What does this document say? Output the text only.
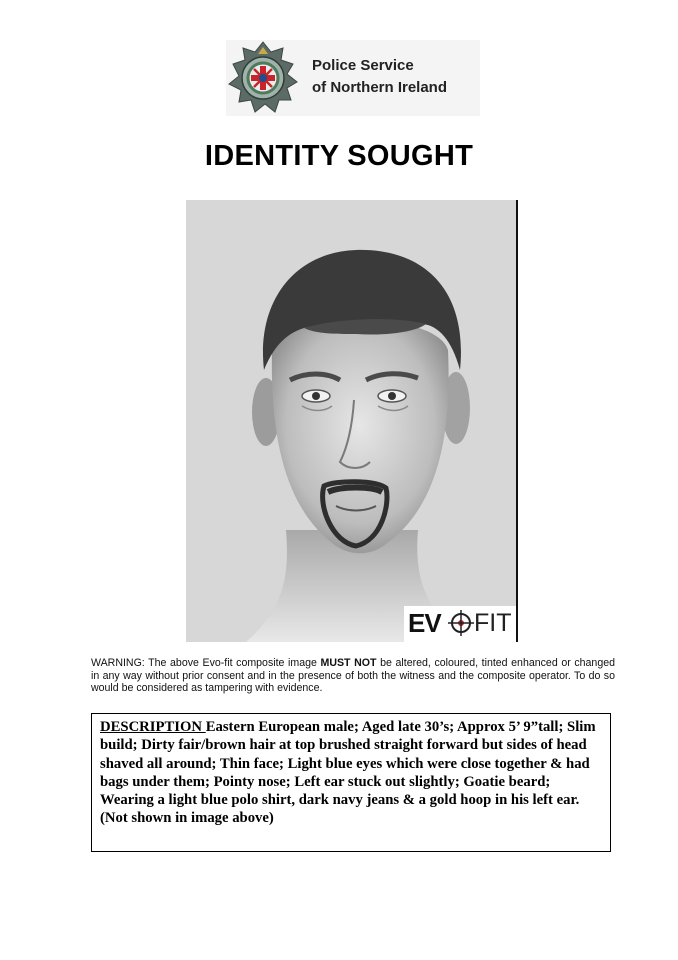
Police Service
of Northern Ireland
IDENTITY SOUGHT
EV FIT
WARNING: The above Evo-fit composite image MUST NOT be altered, coloured, tinted enhanced or changed in any way without prior consent and in the presence of both the witness and the composite operator. To do so would be considered as tampering with evidence.
DESCRIPTION Eastern European male; Aged late 30’s; Approx 5’ 9”tall; Slim build; Dirty fair/brown hair at top brushed straight forward but sides of head shaved all around; Thin face; Light blue eyes which were close together & had bags under them; Pointy nose; Left ear stuck out slightly; Goatie beard; Wearing a light blue polo shirt, dark navy jeans & a gold hoop in his left ear. (Not shown in image above)
